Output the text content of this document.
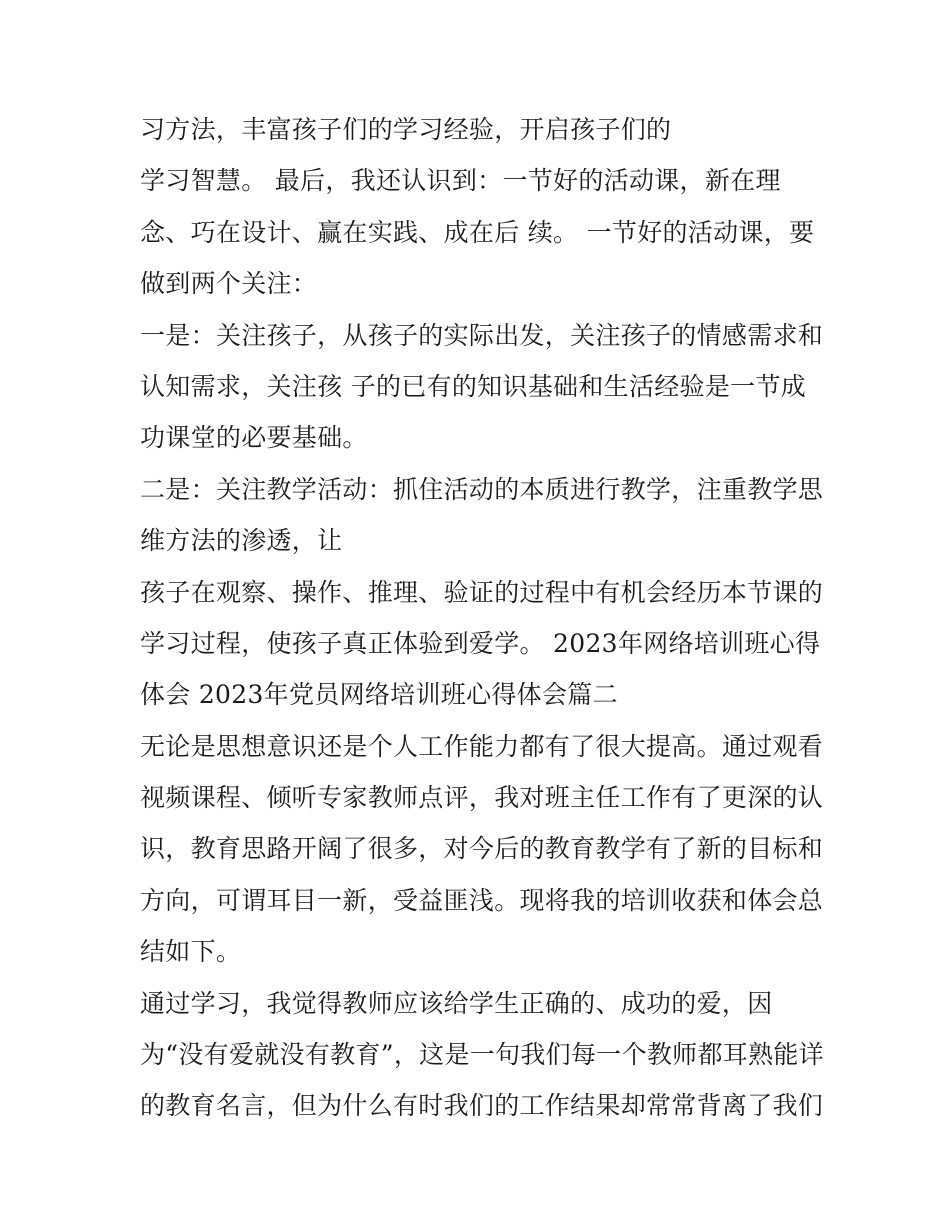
习方法，丰富孩子们的学习经验，开启孩子们的
学习智慧。 最后，我还认识到：一节好的活动课，新在理
念、巧在设计、赢在实践、成在后 续。 一节好的活动课，要
做到两个关注：
一是：关注孩子，从孩子的实际出发，关注孩子的情感需求和
认知需求，关注孩 子的已有的知识基础和生活经验是一节成
功课堂的必要基础。
二是：关注教学活动：抓住活动的本质进行教学，注重教学思
维方法的渗透，让
孩子在观察、操作、推理、验证的过程中有机会经历本节课的
学习过程，使孩子真正体验到爱学。 2023年网络培训班心得
体会 2023年党员网络培训班心得体会篇二
无论是思想意识还是个人工作能力都有了很大提高。通过观看
视频课程、倾听专家教师点评，我对班主任工作有了更深的认
识，教育思路开阔了很多，对今后的教育教学有了新的目标和
方向，可谓耳目一新，受益匪浅。现将我的培训收获和体会总
结如下。
通过学习，我觉得教师应该给学生正确的、成功的爱，因
为“没有爱就没有教育”，这是一句我们每一个教师都耳熟能详
的教育名言，但为什么有时我们的工作结果却常常背离了我们
